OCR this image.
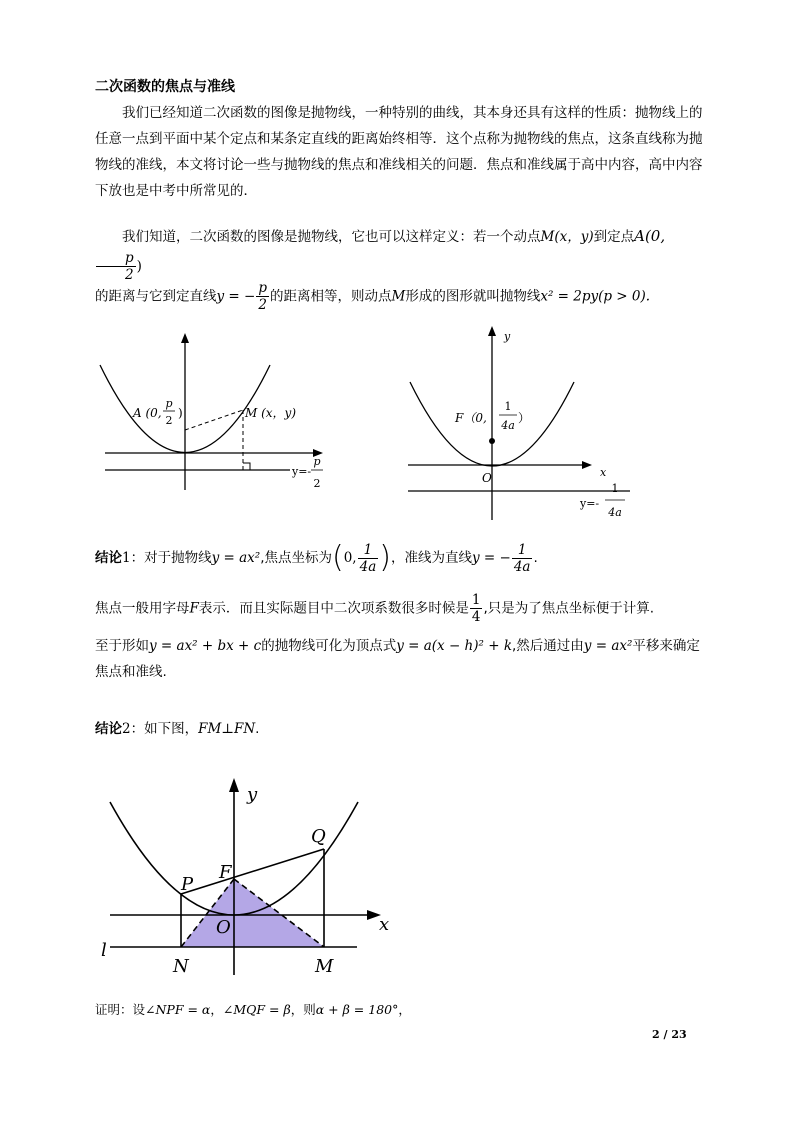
二次函数的焦点与准线

我们已经知道二次函数的图像是抛物线，一种特别的曲线，其本身还具有这样的性质：抛物线上的任意一点到平面中某个定点和某条定直线的距离始终相等．这个点称为抛物线的焦点，这条直线称为抛物线的准线，本文将讨论一些与抛物线的焦点和准线相关的问题．焦点和准线属于高中内容，高中内容下放也是中考中所常见的．

我们知道，二次函数的图像是抛物线，它也可以这样定义：若一个动点M(x，y)到定点A(0,
$\frac{p}{2}$ )
的距离与它到定直线y = − $\frac{p}{2}$ 的距离相等，则动点M形成的图形就叫抛物线x² = 2py(p > 0).
A (0,
p
2
)	M (x，y)
y=-
p
2
y
x
O
F（0,
1
4a
）
y=-
1
4a
结论1：对于抛物线y = ax²,焦点坐标为(0, $\frac{1}{4a}$ )，准线为直线y = − $\frac{1}{4a}$ .
焦点一般用字母F表示．而且实际题目中二次项系数很多时候是 $\frac{1}{4}$ ,只是为了焦点坐标便于计算.
至于形如y = ax² + bx + c的抛物线可化为顶点式y = a(x − h)² + k,然后通过由y = ax²平移来确定焦点和准线.
结论2：如下图，FM⊥FN.
y
x
P
Q
F
O
l
N	M
证明：设∠NPF = α，∠MQF = β，则α + β = 180°，
2 / 23
